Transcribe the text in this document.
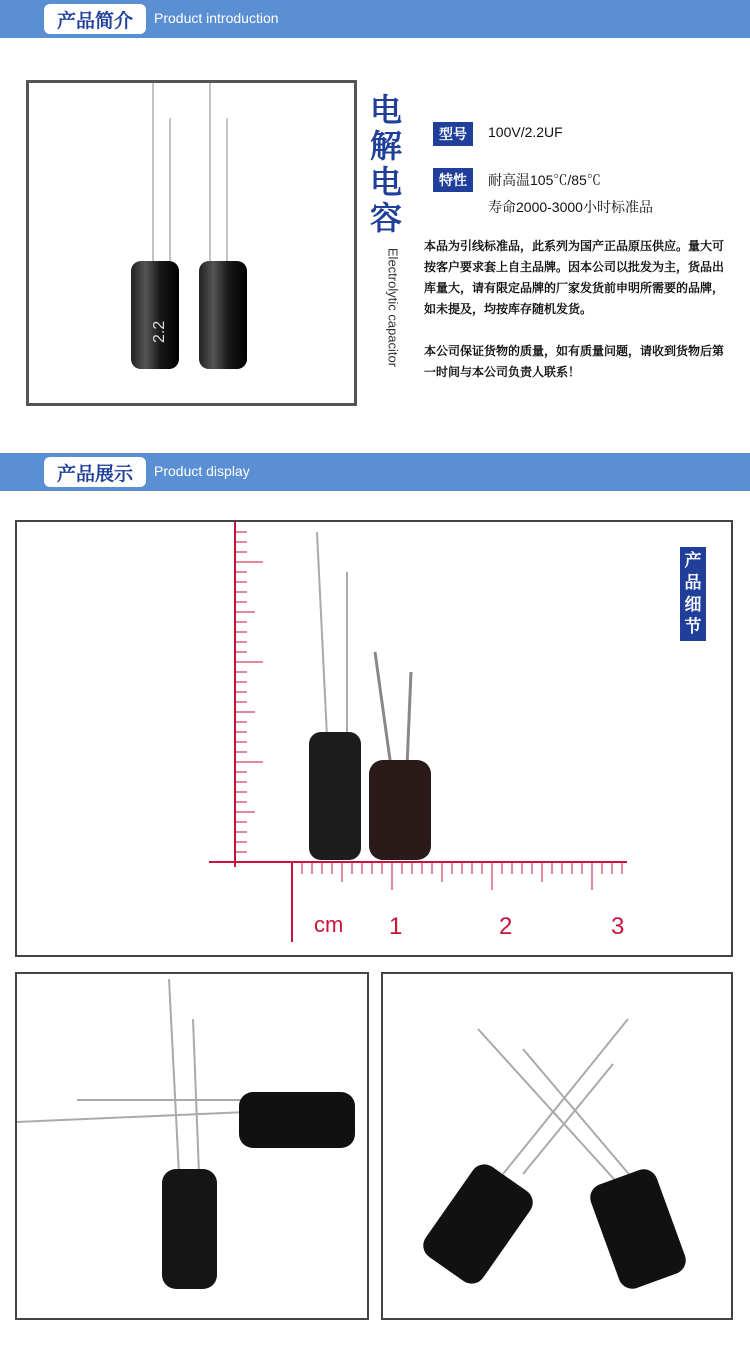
产品简介	Product introduction
2.2
电解电容
Electrolytic capacitor
型号	100V/2.2UF
特性	耐高温105℃/85℃
寿命2000-3000小时标准品
本品为引线标准品，此系列为国产正品原压供应。量大可按客户要求套上自主品牌。因本公司以批发为主，货品出库量大，请有限定品牌的厂家发货前申明所需要的品牌，如未提及，均按库存随机发货。
本公司保证货物的质量，如有质量问题，请收到货物后第一时间与本公司负责人联系！
产品展示	Product display
cm 1	2	3
产品细节
